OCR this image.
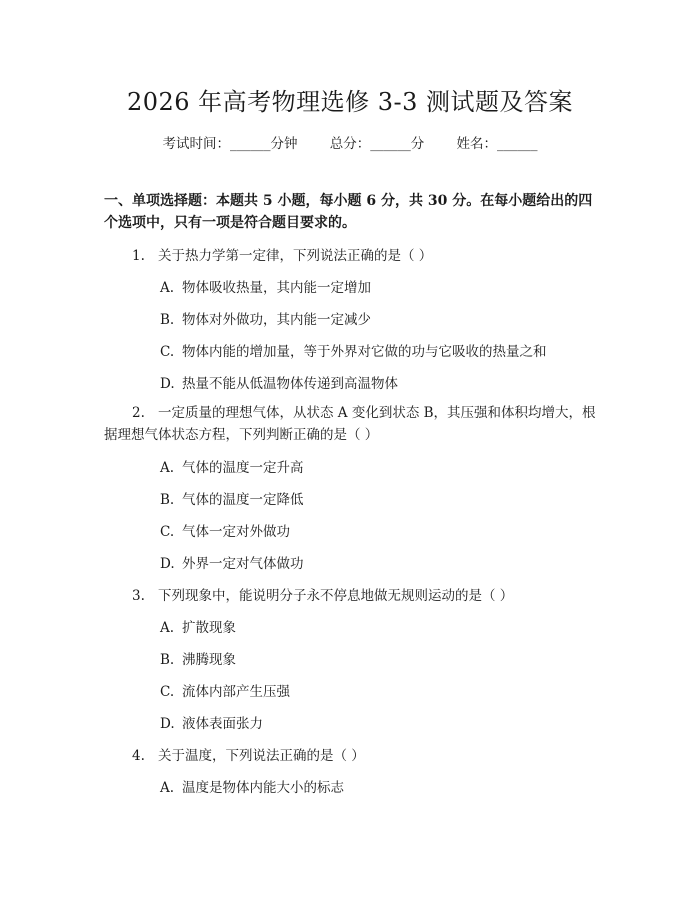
2026 年高考物理选修 3-3 测试题及答案
考试时间：______分钟 总分：______分 姓名：______
一、单项选择题：本题共 5 小题，每小题 6 分，共 30 分。在每小题给出的四个选项中，只有一项是符合题目要求的。
1. 关于热力学第一定律，下列说法正确的是（ ）
A. 物体吸收热量，其内能一定增加
B. 物体对外做功，其内能一定减少
C. 物体内能的增加量，等于外界对它做的功与它吸收的热量之和
D. 热量不能从低温物体传递到高温物体
2. 一定质量的理想气体，从状态 A 变化到状态 B，其压强和体积均增大，根据理想气体状态方程，下列判断正确的是（ ）
A. 气体的温度一定升高
B. 气体的温度一定降低
C. 气体一定对外做功
D. 外界一定对气体做功
3. 下列现象中，能说明分子永不停息地做无规则运动的是（ ）
A. 扩散现象
B. 沸腾现象
C. 流体内部产生压强
D. 液体表面张力
4. 关于温度，下列说法正确的是（ ）
A. 温度是物体内能大小的标志
